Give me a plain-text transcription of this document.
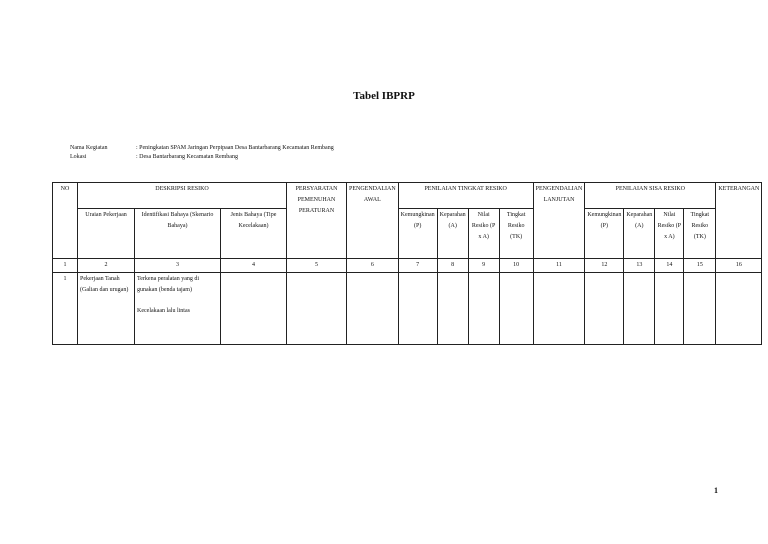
Tabel IBPRP
Nama Kegiatan	: Peningkatan SPAM Jaringan Perpipaan Desa Bantarbarang Kecamatan Rembang
Lokasi	: Desa Bantarbarang Kecamatan Rembang
NO	DESKRIPSI RESIKO			PERSYARATAN PEMENUHAN PERATURAN	PENGENDALIAN AWAL	PENILAIAN TINGKAT RESIKO				PENGENDALIAN LANJUTAN	PENILAIAN SISA RESIKO				KETERANGAN
	Uraian Pekerjaan	Identifikasi Bahaya (Skenario Bahaya)	Jenis Bahaya (Tipe Kecelakaan)			Kemungkinan (P)	Keparahan (A)	Nilai Resiko (P x A)	Tingkat Resiko (TK)		Kemungkinan (P)	Keparahan (A)	Nilai Resiko (P x A)	Tingkat Resiko (TK)	
1	2	3	4	5	6	7	8	9	10	11	12	13	14	15	16
1	Pekerjaan Tanah (Galian dan urugan)	Terkena peralatan yang di gunakan (benda tajam)
Kecelakaan lalu lintas													

1
